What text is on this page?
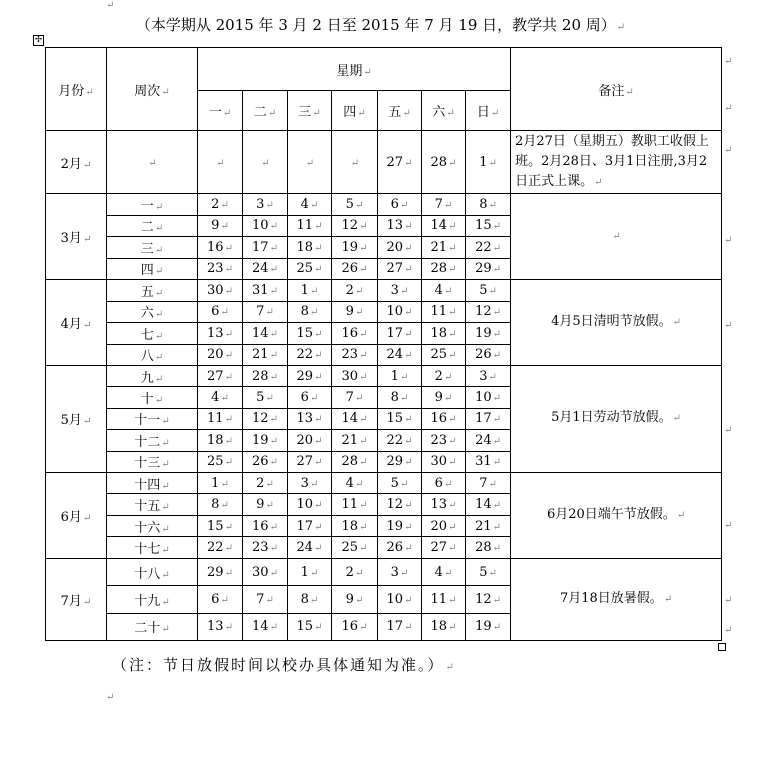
↵
（本学期从 2015 年 3 月 2 日至 2015 年 7 月 19 日，教学共 20 周） ↵
✢
月份 ↵	周次 ↵	星期 ↵							备注 ↵
		一 ↵	二 ↵	三 ↵	四 ↵	五 ↵	六 ↵	日 ↵
2月 ↵	↵	↵	↵	↵	↵	27 ↵	28 ↵	1 ↵	2月27日（星期五）教职工收假上班。2月28日、3月1日注册,3月2日正式上课。 ↵
3月 ↵	一 ↵	2 ↵	3 ↵	4 ↵	5 ↵	6 ↵	7 ↵	8 ↵	↵
	二 ↵	9 ↵	10 ↵	11 ↵	12 ↵	13 ↵	14 ↵	15 ↵
	三 ↵	16 ↵	17 ↵	18 ↵	19 ↵	20 ↵	21 ↵	22 ↵
	四 ↵	23 ↵	24 ↵	25 ↵	26 ↵	27 ↵	28 ↵	29 ↵
4月 ↵	五 ↵	30 ↵	31 ↵	1 ↵	2 ↵	3 ↵	4 ↵	5 ↵	4月5日清明节放假。 ↵
	六 ↵	6 ↵	7 ↵	8 ↵	9 ↵	10 ↵	11 ↵	12 ↵
	七 ↵	13 ↵	14 ↵	15 ↵	16 ↵	17 ↵	18 ↵	19 ↵
	八 ↵	20 ↵	21 ↵	22 ↵	23 ↵	24 ↵	25 ↵	26 ↵
5月 ↵	九 ↵	27 ↵	28 ↵	29 ↵	30 ↵	1 ↵	2 ↵	3 ↵	5月1日劳动节放假。 ↵
	十 ↵	4 ↵	5 ↵	6 ↵	7 ↵	8 ↵	9 ↵	10 ↵
	十一 ↵	11 ↵	12 ↵	13 ↵	14 ↵	15 ↵	16 ↵	17 ↵
	十二 ↵	18 ↵	19 ↵	20 ↵	21 ↵	22 ↵	23 ↵	24 ↵
	十三 ↵	25 ↵	26 ↵	27 ↵	28 ↵	29 ↵	30 ↵	31 ↵
6月 ↵	十四 ↵	1 ↵	2 ↵	3 ↵	4 ↵	5 ↵	6 ↵	7 ↵	6月20日端午节放假。 ↵
	十五 ↵	8 ↵	9 ↵	10 ↵	11 ↵	12 ↵	13 ↵	14 ↵
	十六 ↵	15 ↵	16 ↵	17 ↵	18 ↵	19 ↵	20 ↵	21 ↵
	十七 ↵	22 ↵	23 ↵	24 ↵	25 ↵	26 ↵	27 ↵	28 ↵
7月 ↵	十八 ↵	29 ↵	30 ↵	1 ↵	2 ↵	3 ↵	4 ↵	5 ↵	7月18日放暑假。 ↵
	十九 ↵	6 ↵	7 ↵	8 ↵	9 ↵	10 ↵	11 ↵	12 ↵
	二十 ↵	13 ↵	14 ↵	15 ↵	16 ↵	17 ↵	18 ↵	19 ↵
（注：节日放假时间以校办具体通知为准。） ↵
↵
↵
↵
↵
↵
↵
↵
↵
↵
↵
